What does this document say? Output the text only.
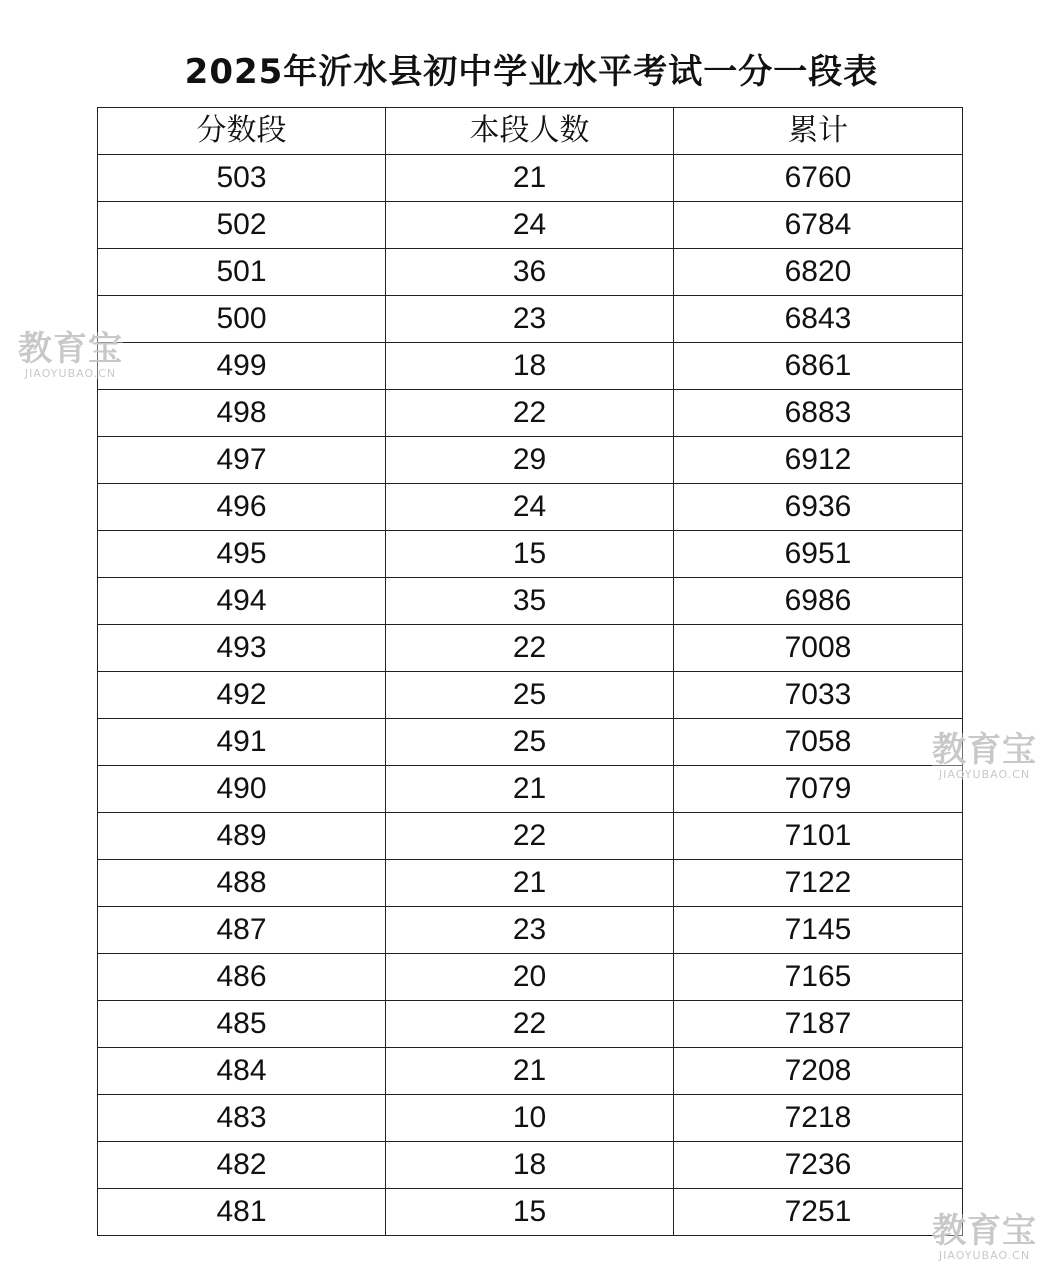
2025年沂水县初中学业水平考试一分一段表
分数段	本段人数	累计
503	21	6760
502	24	6784
501	36	6820
500	23	6843
499	18	6861
498	22	6883
497	29	6912
496	24	6936
495	15	6951
494	35	6986
493	22	7008
492	25	7033
491	25	7058
490	21	7079
489	22	7101
488	21	7122
487	23	7145
486	20	7165
485	22	7187
484	21	7208
483	10	7218
482	18	7236
481	15	7251
教育宝
JIAOYUBAO.CN
教育宝
JIAOYUBAO.CN
教育宝
JIAOYUBAO.CN
